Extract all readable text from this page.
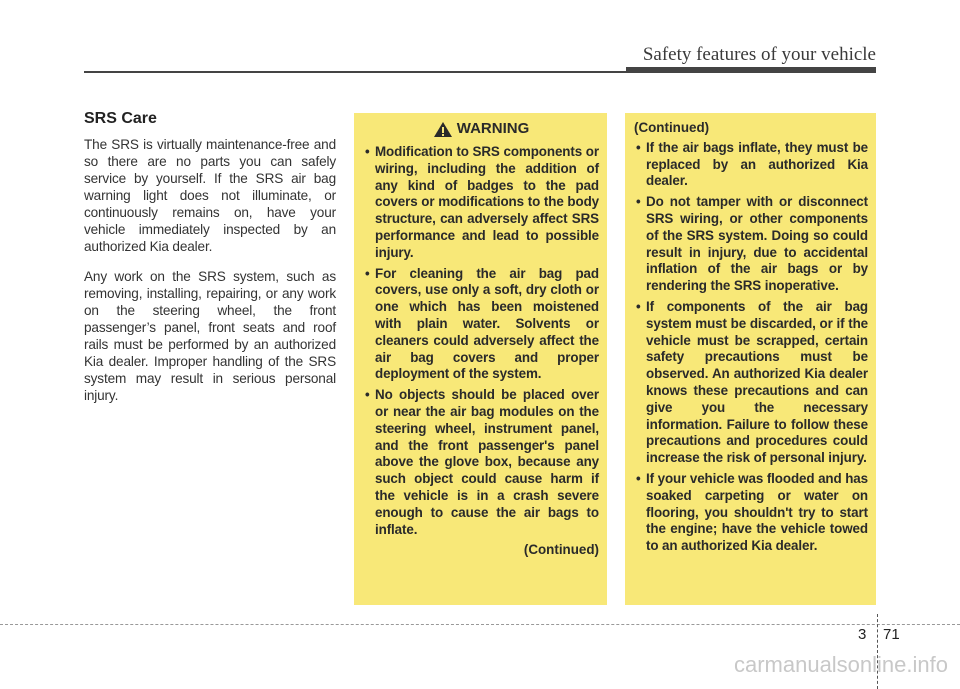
Safety features of your vehicle
SRS Care

The SRS is virtually maintenance-free and so there are no parts you can safely service by yourself. If the SRS air bag warning light does not illuminate, or continuously remains on, have your vehicle immediately inspected by an authorized Kia dealer.

Any work on the SRS system, such as removing, installing, repairing, or any work on the steering wheel, the front passenger’s panel, front seats and roof rails must be performed by an authorized Kia dealer. Improper handling of the SRS system may result in serious personal injury.

WARNING
• Modification to SRS components or wiring, including the addition of any kind of badges to the pad covers or modifications to the body structure, can adversely affect SRS performance and lead to possible injury.
• For cleaning the air bag pad covers, use only a soft, dry cloth or one which has been moistened with plain water. Solvents or cleaners could adversely affect the air bag covers and proper deployment of the system.
• No objects should be placed over or near the air bag modules on the steering wheel, instrument panel, and the front passenger's panel above the glove box, because any such object could cause harm if the vehicle is in a crash severe enough to cause the air bags to inflate.
(Continued)
(Continued)
• If the air bags inflate, they must be replaced by an authorized Kia dealer.
• Do not tamper with or disconnect SRS wiring, or other components of the SRS system. Doing so could result in injury, due to accidental inflation of the air bags or by rendering the SRS inoperative.
• If components of the air bag system must be discarded, or if the vehicle must be scrapped, certain safety precautions must be observed. An authorized Kia dealer knows these precautions and can give you the necessary information. Failure to follow these precautions and procedures could increase the risk of personal injury.
• If your vehicle was flooded and has soaked carpeting or water on flooring, you shouldn't try to start the engine; have the vehicle towed to an authorized Kia dealer.
3 71
carmanualsonline.info
